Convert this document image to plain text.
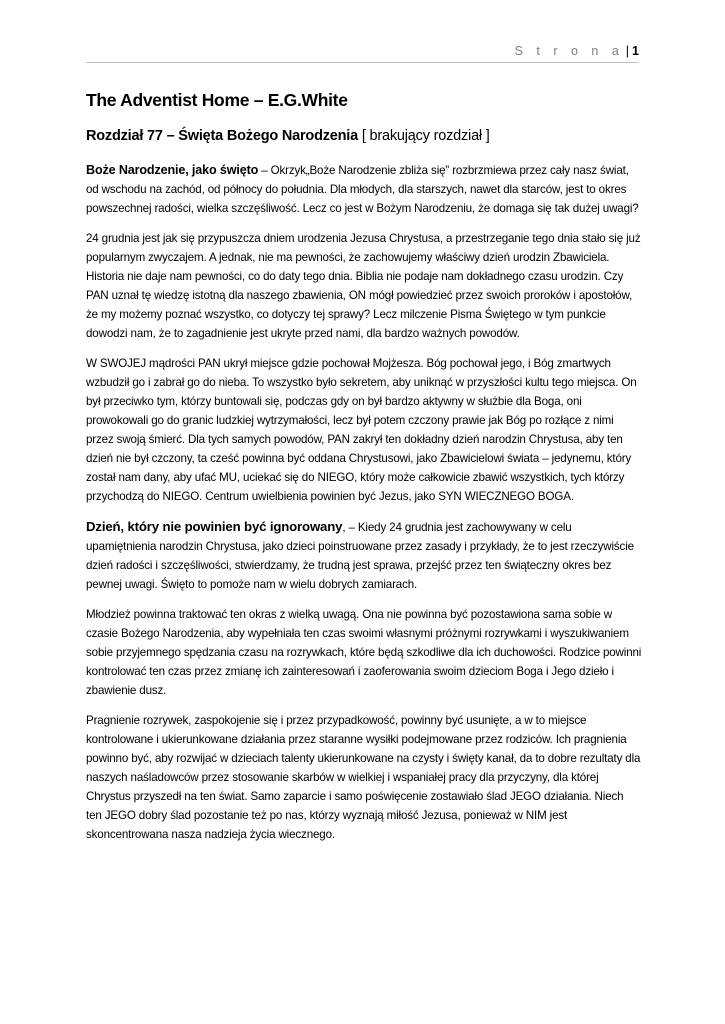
S t r o n a | 1
The Adventist Home – E.G.White
Rozdział 77 – Święta Bożego Narodzenia [ brakujący rozdział ]

Boże Narodzenie, jako święto – Okrzyk„Boże Narodzenie zbliża się” rozbrzmiewa przez cały nasz świat, od wschodu na zachód, od północy do południa. Dla młodych, dla starszych, nawet dla starców, jest to okres powszechnej radości, wielka szczęśliwość. Lecz co jest w Bożym Narodzeniu, że domaga się tak dużej uwagi?

24 grudnia jest jak się przypuszcza dniem urodzenia Jezusa Chrystusa, a przestrzeganie tego dnia stało się już popularnym zwyczajem. A jednak, nie ma pewności, że zachowujemy właściwy dzień urodzin Zbawiciela. Historia nie daje nam pewności, co do daty tego dnia. Biblia nie podaje nam dokładnego czasu urodzin. Czy PAN uznał tę wiedzę istotną dla naszego zbawienia, ON mógł powiedzieć przez swoich proroków i apostołów, że my możemy poznać wszystko, co dotyczy tej sprawy? Lecz milczenie Pisma Świętego w tym punkcie dowodzi nam, że to zagadnienie jest ukryte przed nami, dla bardzo ważnych powodów.

W SWOJEJ mądrości PAN ukrył miejsce gdzie pochował Mojżesza. Bóg pochował jego, i Bóg zmartwych wzbudził go i zabrał go do nieba. To wszystko było sekretem, aby uniknąć w przyszłości kultu tego miejsca. On był przeciwko tym, którzy buntowali się, podczas gdy on był bardzo aktywny w służbie dla Boga, oni prowokowali go do granic ludzkiej wytrzymałości, lecz był potem czczony prawie jak Bóg po rozłące z nimi przez swoją śmierć. Dla tych samych powodów, PAN zakrył ten dokładny dzień narodzin Chrystusa, aby ten dzień nie był czczony, ta cześć powinna być oddana Chrystusowi, jako Zbawicielowi świata – jedynemu, który został nam dany, aby ufać MU, uciekać się do NIEGO, który może całkowicie zbawić wszystkich, tych którzy przychodzą do NIEGO. Centrum uwielbienia powinien być Jezus, jako SYN WIECZNEGO BOGA.

Dzień, który nie powinien być ignorowany, – Kiedy 24 grudnia jest zachowywany w celu upamiętnienia narodzin Chrystusa, jako dzieci poinstruowane przez zasady i przykłady, że to jest rzeczywiście dzień radości i szczęśliwości, stwierdzamy, że trudną jest sprawa, przejść przez ten świąteczny okres bez pewnej uwagi. Święto to pomoże nam w wielu dobrych zamiarach.

Młodzież powinna traktować ten okras z wielką uwagą. Ona nie powinna być pozostawiona sama sobie w czasie Bożego Narodzenia, aby wypełniała ten czas swoimi własnymi próżnymi rozrywkami i wyszukiwaniem sobie przyjemnego spędzania czasu na rozrywkach, które będą szkodliwe dla ich duchowości. Rodzice powinni kontrolować ten czas przez zmianę ich zainteresowań i zaoferowania swoim dzieciom Boga i Jego dzieło i zbawienie dusz.

Pragnienie rozrywek, zaspokojenie się i przez przypadkowość, powinny być usunięte, a w to miejsce kontrolowane i ukierunkowane działania przez staranne wysiłki podejmowane przez rodziców. Ich pragnienia powinno być, aby rozwijać w dzieciach talenty ukierunkowane na czysty i święty kanał, da to dobre rezultaty dla naszych naśladowców przez stosowanie skarbów w wielkiej i wspaniałej pracy dla przyczyny, dla której Chrystus przyszedł na ten świat. Samo zaparcie i samo poświęcenie zostawiało ślad JEGO działania. Niech ten JEGO dobry ślad pozostanie też po nas, którzy wyznają miłość Jezusa, ponieważ w NIM jest skoncentrowana nasza nadzieja życia wiecznego.
